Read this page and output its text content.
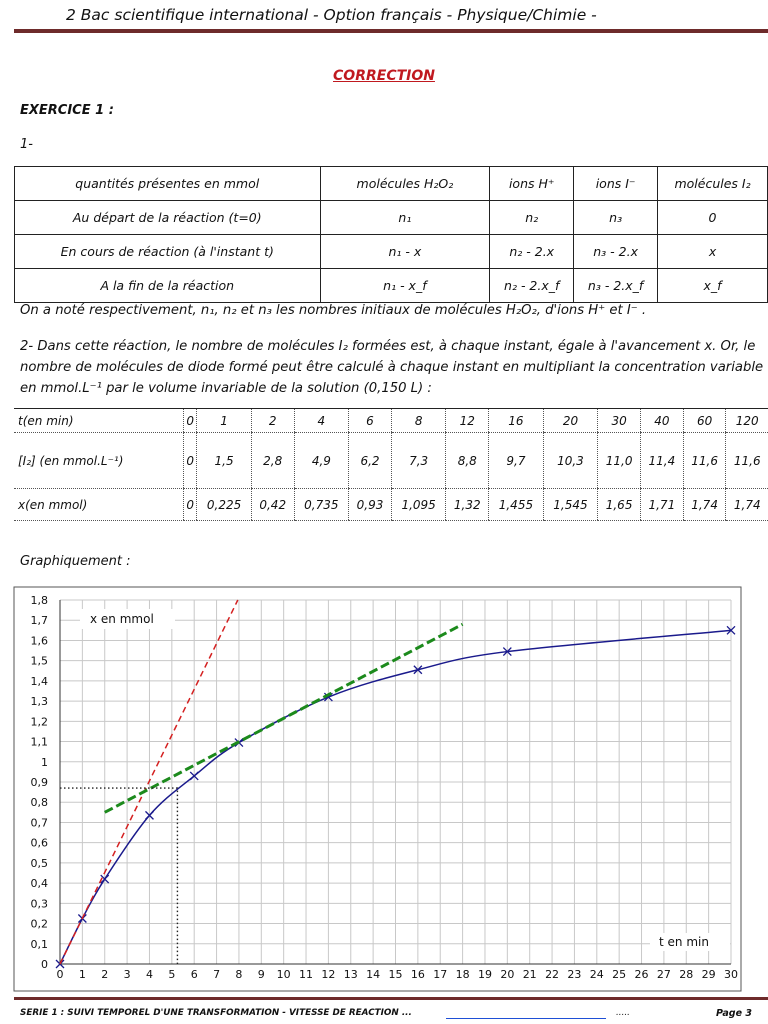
2 Bac scientifique international - Option français - Physique/Chimie -
CORRECTION
EXERCICE 1 :
1-
quantités présentes en mmol	molécules H₂O₂	ions H⁺	ions I⁻	molécules I₂
Au départ de la réaction (t=0)	n₁	n₂	n₃	0
En cours de réaction (à l'instant t)	n₁ - x	n₂ - 2.x	n₃ - 2.x	x
A la fin de la réaction	n₁ - x_f	n₂ - 2.x_f	n₃ - 2.x_f	x_f
On a noté respectivement, n₁, n₂ et n₃ les nombres initiaux de molécules H₂O₂, d'ions H⁺ et I⁻ .
2- Dans cette réaction, le nombre de molécules I₂ formées est, à chaque instant, égale à l'avancement x. Or, le nombre de molécules de diode formé peut être calculé à chaque instant en multipliant la concentration variable en mmol.L⁻¹ par le volume invariable de la solution (0,150 L) :
t(en min)	0	1	2	4	6	8	12	16	20	30	40	60	120
[I₂] (en mmol.L⁻¹)	0	1,5	2,8	4,9	6,2	7,3	8,8	9,7	10,3	11,0	11,4	11,6	11,6
x(en mmol)	0	0,225	0,42	0,735	0,93	1,095	1,32	1,455	1,545	1,65	1,71	1,74	1,74
Graphiquement :
0 1 2 3 4 5 6 7 8 9 10 11 12 13 14 15 16 17 18 19 20 21 22 23 24 25 26 27 28 29 30
0
0,1
0,2
0,3
0,4
0,5
0,6
0,7
0,8
0,9
1
1,1
1,2
1,3
1,4
1,5
1,6
1,7
1,8
x en mmol
t en min
SERIE 1 : SUIVI TEMPOREL D'UNE TRANSFORMATION - VITESSE DE REACTION ...	.....	Page 3
